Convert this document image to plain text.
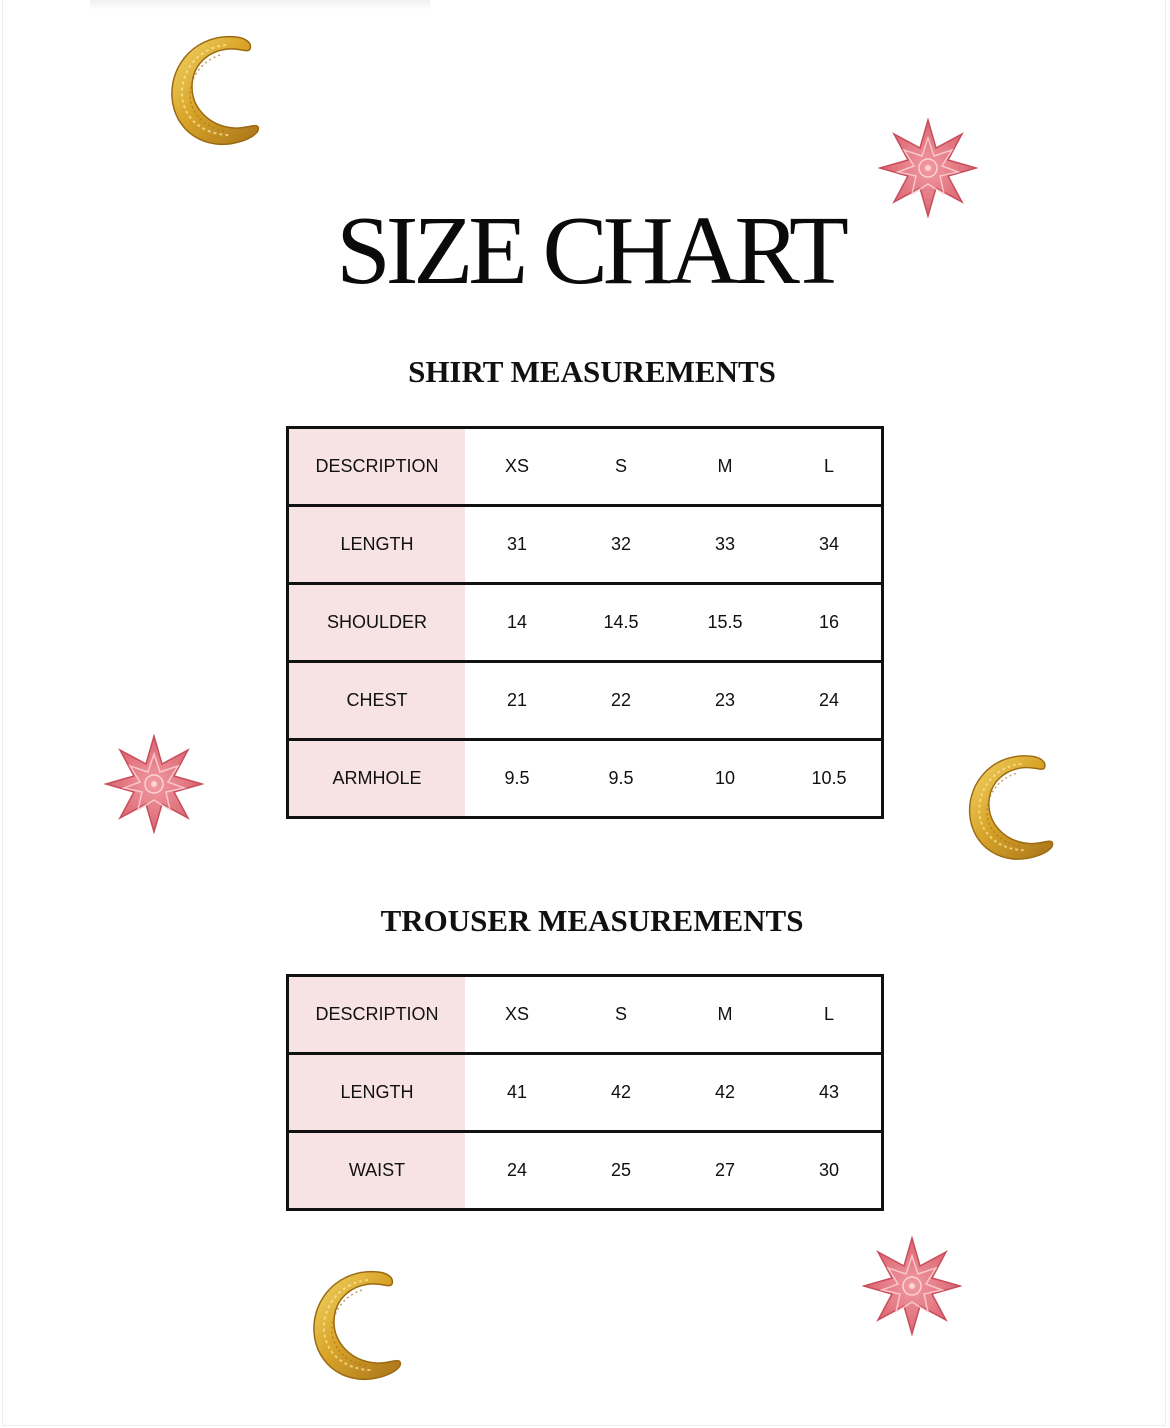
SIZE CHART
SHIRT MEASUREMENTS
DESCRIPTION	XS	S	M	L
LENGTH	31	32	33	34
SHOULDER	14	14.5	15.5	16
CHEST	21	22	23	24
ARMHOLE	9.5	9.5	10	10.5
TROUSER MEASUREMENTS
DESCRIPTION	XS	S	M	L
LENGTH	41	42	42	43
WAIST	24	25	27	30
